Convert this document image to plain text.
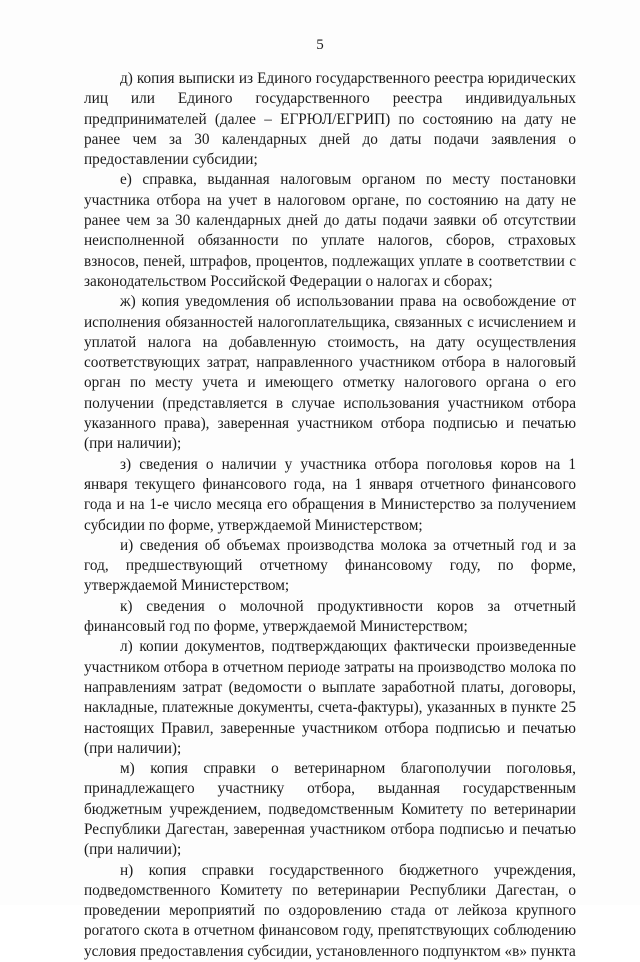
5

д) копия выписки из Единого государственного реестра юридических лиц или Единого государственного реестра индивидуальных предпринимателей (далее – ЕГРЮЛ/ЕГРИП) по состоянию на дату не ранее чем за 30 календарных дней до даты подачи заявления о предоставлении субсидии;

е) справка, выданная налоговым органом по месту постановки участника отбора на учет в налоговом органе, по состоянию на дату не ранее чем за 30 календарных дней до даты подачи заявки об отсутствии неисполненной обязанности по уплате налогов, сборов, страховых взносов, пеней, штрафов, процентов, подлежащих уплате в соответствии с законодательством Российской Федерации о налогах и сборах;

ж) копия уведомления об использовании права на освобождение от исполнения обязанностей налогоплательщика, связанных с исчислением и уплатой налога на добавленную стоимость, на дату осуществления соответствующих затрат, направленного участником отбора в налоговый орган по месту учета и имеющего отметку налогового органа о его получении (представляется в случае использования участником отбора указанного права), заверенная участником отбора подписью и печатью (при наличии);

з) сведения о наличии у участника отбора поголовья коров на 1 января текущего финансового года, на 1 января отчетного финансового года и на 1-е число месяца его обращения в Министерство за получением субсидии по форме, утверждаемой Министерством;

и) сведения об объемах производства молока за отчетный год и за год, предшествующий отчетному финансовому году, по форме, утверждаемой Министерством;

к) сведения о молочной продуктивности коров за отчетный финансовый год по форме, утверждаемой Министерством;

л) копии документов, подтверждающих фактически произведенные участником отбора в отчетном периоде затраты на производство молока по направлениям затрат (ведомости о выплате заработной платы, договоры, накладные, платежные документы, счета-фактуры), указанных в пункте 25 настоящих Правил, заверенные участником отбора подписью и печатью (при наличии);

м) копия справки о ветеринарном благополучии поголовья, принадлежащего участнику отбора, выданная государственным бюджетным учреждением, подведомственным Комитету по ветеринарии Республики Дагестан, заверенная участником отбора подписью и печатью (при наличии);

н) копия справки государственного бюджетного учреждения, подведомственного Комитету по ветеринарии Республики Дагестан, о проведении мероприятий по оздоровлению стада от лейкоза крупного рогатого скота в отчетном финансовом году, препятствующих соблюдению условия предоставления субсидии, установленного подпунктом «в» пункта
